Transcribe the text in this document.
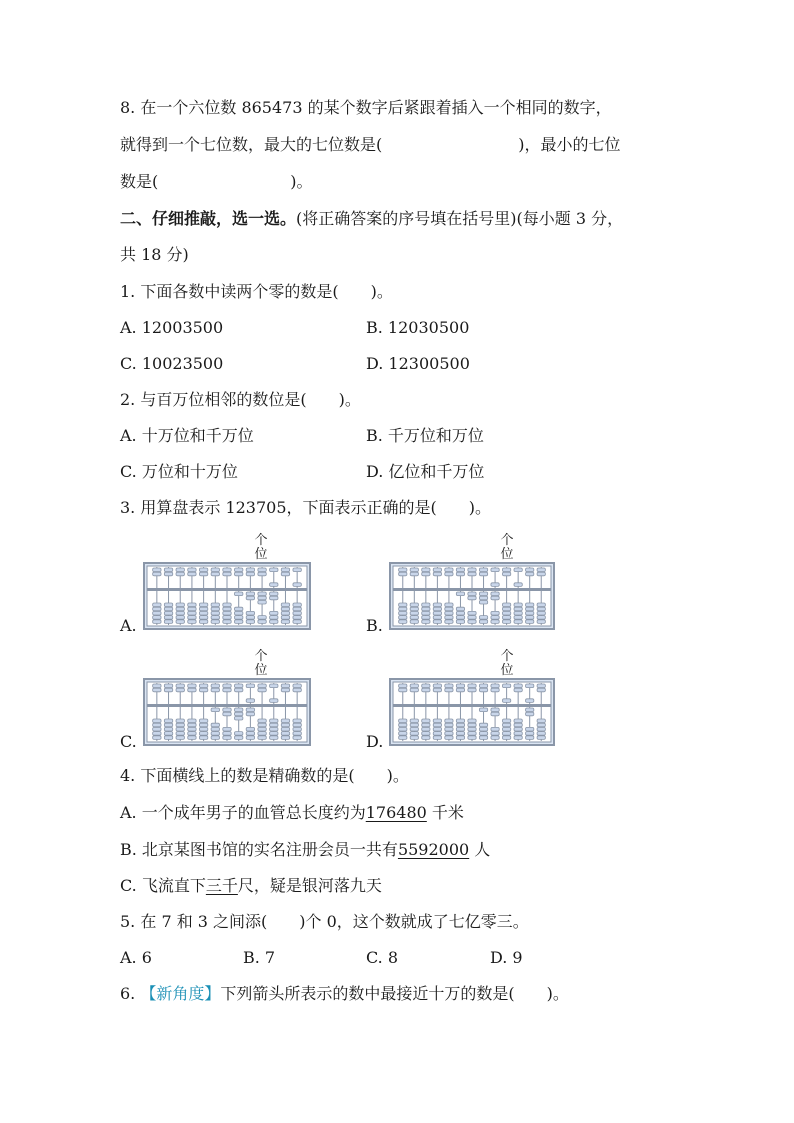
8. 在一个六位数 865473 的某个数字后紧跟着插入一个相同的数字，
就得到一个七位数，最大的七位数是(	)，最小的七位
数是(	)。
二、仔细推敲，选一选。(将正确答案的序号填在括号里)(每小题 3 分，
共 18 分)
1. 下面各数中读两个零的数是(　　)。
A. 12003500	B. 12030500
C. 10023500	D. 12300500
2. 与百万位相邻的数位是(　　)。
A. 十万位和千万位	B. 千万位和万位
C. 万位和十万位	D. 亿位和千万位
3. 用算盘表示 123705，下面表示正确的是(　　)。
个
位
A.
个
位
B.
个
位
C.
个
位
D.
4. 下面横线上的数是精确数的是(　　)。
A. 一个成年男子的血管总长度约为176480 千米
B. 北京某图书馆的实名注册会员一共有5592000 人
C. 飞流直下三千尺，疑是银河落九天
5. 在 7 和 3 之间添(　　)个 0，这个数就成了七亿零三。
A. 6	B. 7	C. 8	D. 9
6. 【新角度】下列箭头所表示的数中最接近十万的数是(　　)。
